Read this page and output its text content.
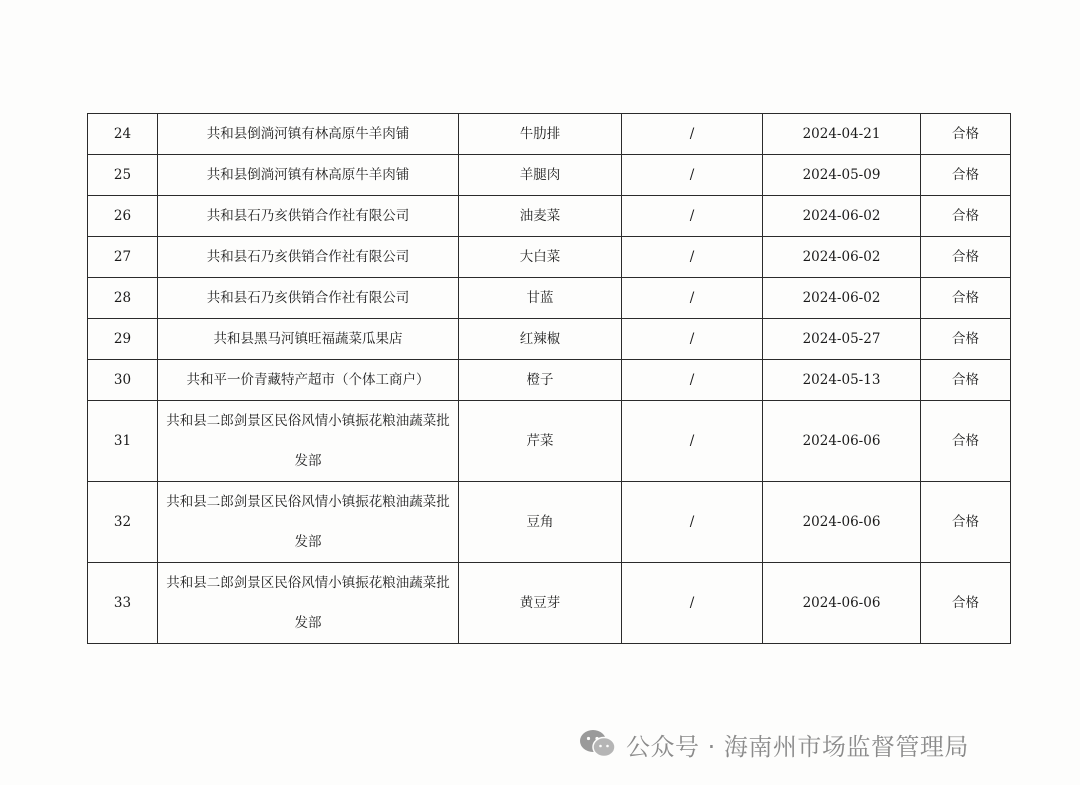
24	共和县倒淌河镇有林高原牛羊肉铺	牛肋排	/	2024-04-21	合格
25	共和县倒淌河镇有林高原牛羊肉铺	羊腿肉	/	2024-05-09	合格
26	共和县石乃亥供销合作社有限公司	油麦菜	/	2024-06-02	合格
27	共和县石乃亥供销合作社有限公司	大白菜	/	2024-06-02	合格
28	共和县石乃亥供销合作社有限公司	甘蓝	/	2024-06-02	合格
29	共和县黑马河镇旺福蔬菜瓜果店	红辣椒	/	2024-05-27	合格
30	共和平一价青藏特产超市（个体工商户）	橙子	/	2024-05-13	合格
31	共和县二郎剑景区民俗风情小镇振花粮油蔬菜批发部	芹菜	/	2024-06-06	合格
32	共和县二郎剑景区民俗风情小镇振花粮油蔬菜批发部	豆角	/	2024-06-06	合格
33	共和县二郎剑景区民俗风情小镇振花粮油蔬菜批发部	黄豆芽	/	2024-06-06	合格
公众号 · 海南州市场监督管理局
